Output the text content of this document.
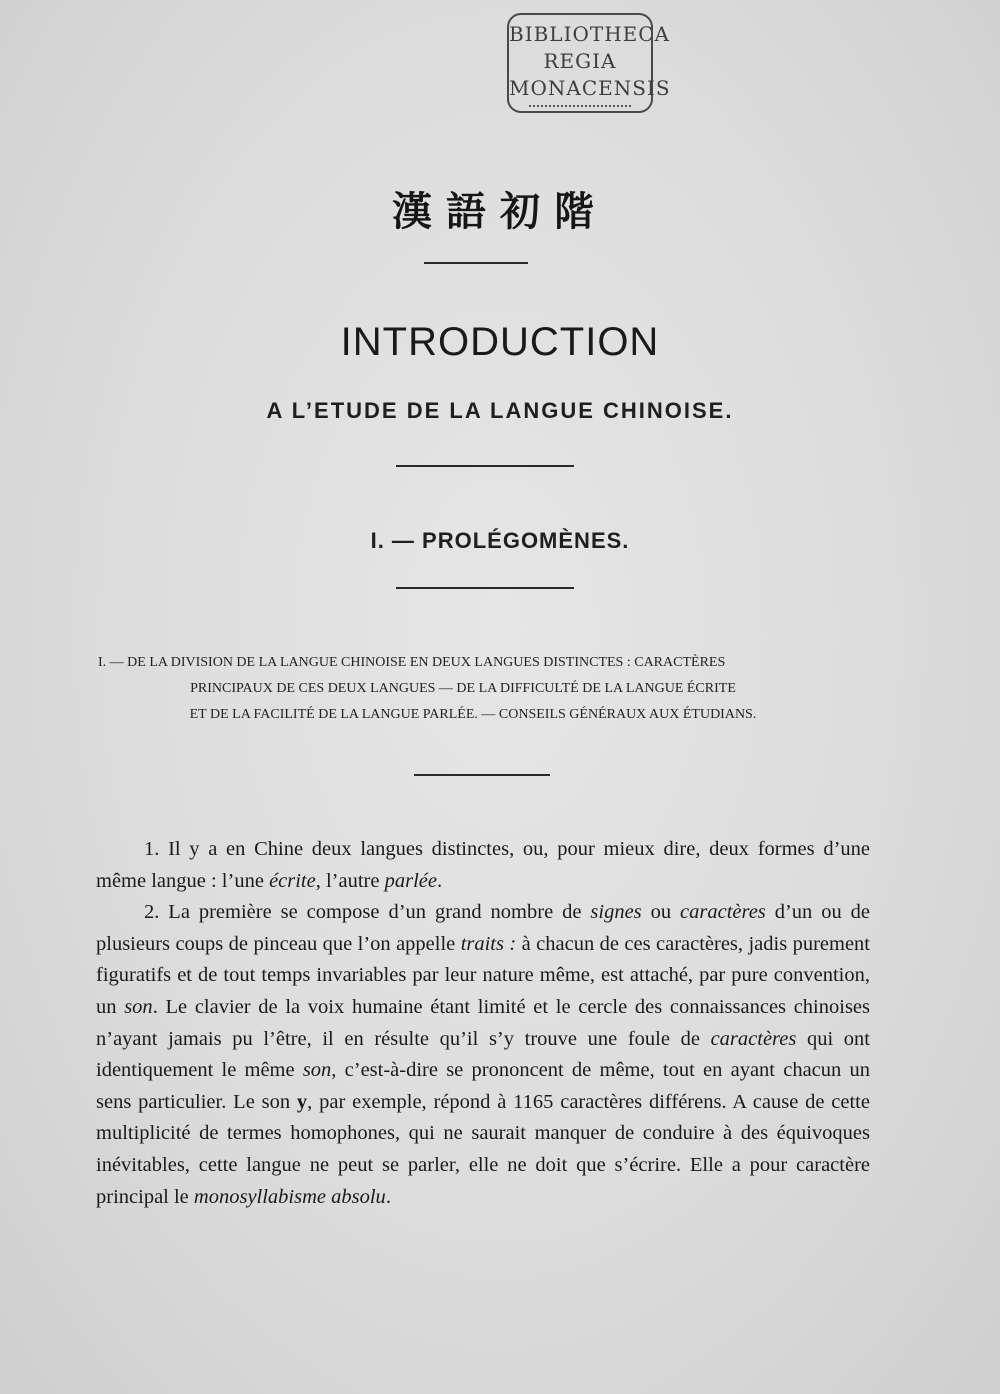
BIBLIOTHECA
REGIA
MONACENSIS
漢語初階
INTRODUCTION
A L’ETUDE DE LA LANGUE CHINOISE.
I. — PROLÉGOMÈNES.
I. — DE LA DIVISION DE LA LANGUE CHINOISE EN DEUX LANGUES DISTINCTES : CARACTÈRES
PRINCIPAUX DE CES DEUX LANGUES — DE LA DIFFICULTÉ DE LA LANGUE ÉCRITE
ET DE LA FACILITÉ DE LA LANGUE PARLÉE. — CONSEILS GÉNÉRAUX AUX ÉTUDIANS.

1. Il y a en Chine deux langues distinctes, ou, pour mieux dire, deux formes d’une même langue : l’une écrite, l’autre parlée.

2. La première se compose d’un grand nombre de signes ou caractères d’un ou de plusieurs coups de pinceau que l’on appelle traits : à chacun de ces caractères, jadis purement figuratifs et de tout temps invariables par leur nature même, est attaché, par pure convention, un son. Le clavier de la voix humaine étant limité et le cercle des connaissances chinoises n’ayant jamais pu l’être, il en résulte qu’il s’y trouve une foule de caractères qui ont identiquement le même son, c’est-à-dire se prononcent de même, tout en ayant chacun un sens particulier. Le son y, par exemple, répond à 1165 caractères différens. A cause de cette multiplicité de termes homophones, qui ne saurait manquer de conduire à des équivoques inévitables, cette langue ne peut se parler, elle ne doit que s’écrire. Elle a pour caractère principal le monosyllabisme absolu.
